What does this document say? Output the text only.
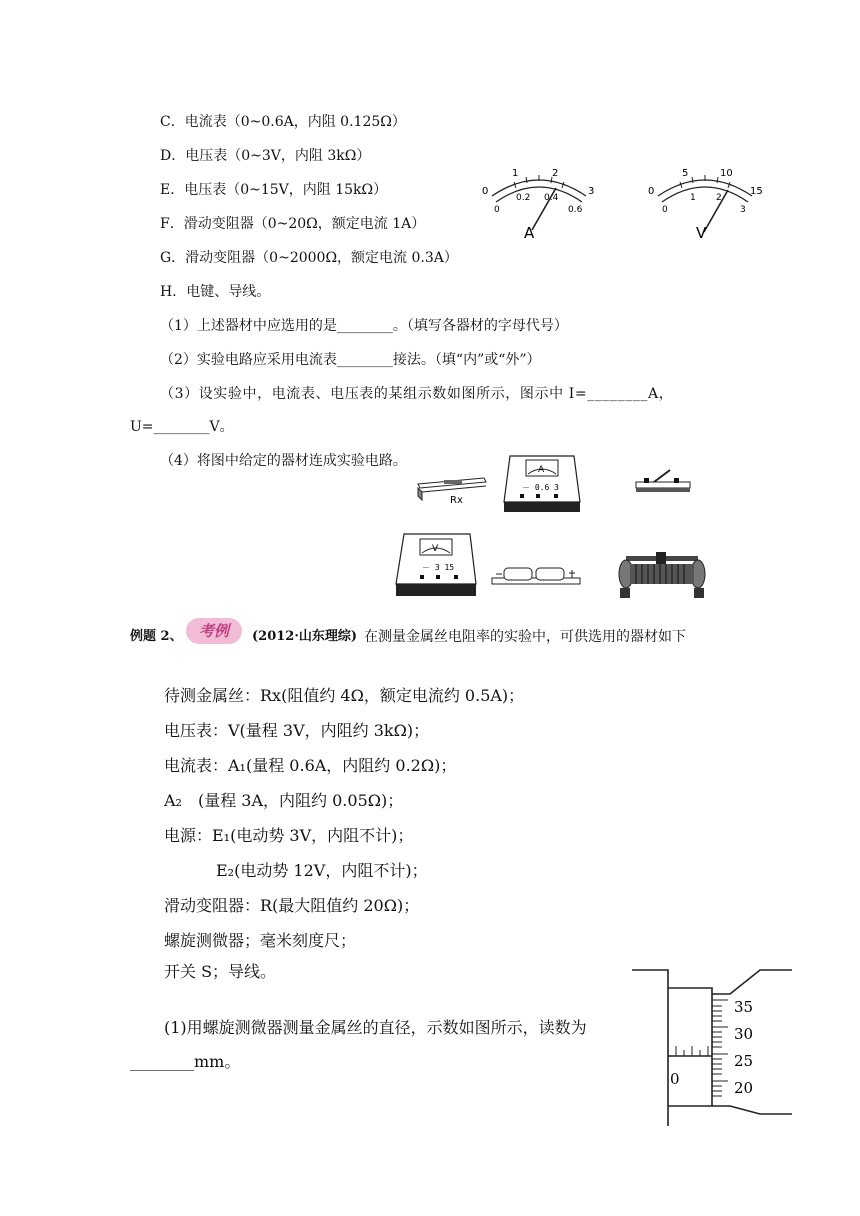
C．电流表（0~0.6A，内阻 0.125Ω）
D．电压表（0~3V，内阻 3kΩ）
E．电压表（0~15V，内阻 15kΩ）
F．滑动变阻器（0~20Ω，额定电流 1A）
G．滑动变阻器（0~2000Ω，额定电流 0.3A）
H．电键、导线。
（1）上述器材中应选用的是________。（填写各器材的字母代号）
（2）实验电路应采用电流表________接法。（填“内”或“外”）
（3）设实验中，电流表、电压表的某组示数如图所示，图示中 I=________A，
U=________V。
（4）将图中给定的器材连成实验电路。
0
1	2
3
0
0.2 0.4
0.6
A
0
5	10
15
0
1 2
3
V
Rx
A
－ 0.6 3
V
－ 3 15
例题 2、	考例	(2012·山东理综) 在测量金属丝电阻率的实验中，可供选用的器材如下
待测金属丝：Rx(阻值约 4Ω，额定电流约 0.5A)；
电压表：V(量程 3V，内阻约 3kΩ)；
电流表：A₁(量程 0.6A，内阻约 0.2Ω)；
A₂　(量程 3A，内阻约 0.05Ω)；
电源：E₁(电动势 3V，内阻不计)；
E₂(电动势 12V，内阻不计)；
滑动变阻器：R(最大阻值约 20Ω)；
螺旋测微器；毫米刻度尺；
开关 S；导线。
(1)用螺旋测微器测量金属丝的直径，示数如图所示，读数为
________mm。
35
30
25
20
0
